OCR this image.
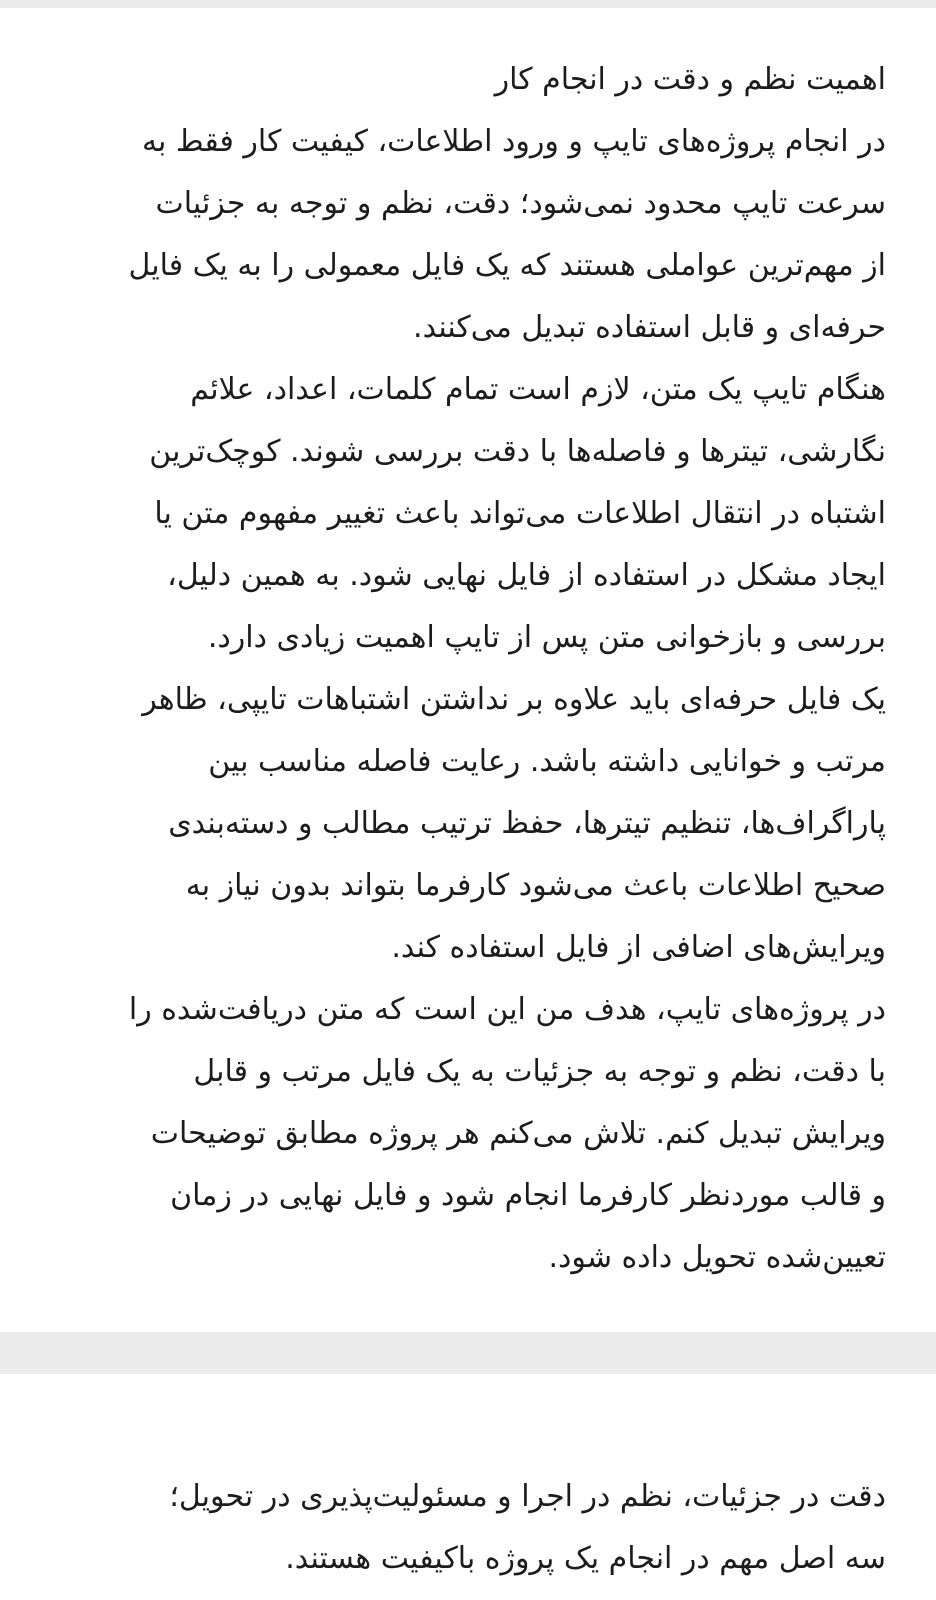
اهمیت نظم و دقت در انجام کار
در انجام پروژه‌های تایپ و ورود اطلاعات، کیفیت کار فقط به
سرعت تایپ محدود نمی‌شود؛ دقت، نظم و توجه به جزئیات
از مهم‌ترین عواملی هستند که یک فایل معمولی را به یک فایل
حرفه‌ای و قابل استفاده تبدیل می‌کنند.
هنگام تایپ یک متن، لازم است تمام کلمات، اعداد، علائم
نگارشی، تیترها و فاصله‌ها با دقت بررسی شوند. کوچک‌ترین
اشتباه در انتقال اطلاعات می‌تواند باعث تغییر مفهوم متن یا
ایجاد مشکل در استفاده از فایل نهایی شود. به همین دلیل،
بررسی و بازخوانی متن پس از تایپ اهمیت زیادی دارد.
یک فایل حرفه‌ای باید علاوه بر نداشتن اشتباهات تایپی، ظاهر
مرتب و خوانایی داشته باشد. رعایت فاصله مناسب بین
پاراگراف‌ها، تنظیم تیترها، حفظ ترتیب مطالب و دسته‌بندی
صحیح اطلاعات باعث می‌شود کارفرما بتواند بدون نیاز به
ویرایش‌های اضافی از فایل استفاده کند.
در پروژه‌های تایپ، هدف من این است که متن دریافت‌شده را
با دقت، نظم و توجه به جزئیات به یک فایل مرتب و قابل
ویرایش تبدیل کنم. تلاش می‌کنم هر پروژه مطابق توضیحات
و قالب موردنظر کارفرما انجام شود و فایل نهایی در زمان
تعیین‌شده تحویل داده شود.
دقت در جزئیات، نظم در اجرا و مسئولیت‌پذیری در تحویل؛
سه اصل مهم در انجام یک پروژه باکیفیت هستند.
